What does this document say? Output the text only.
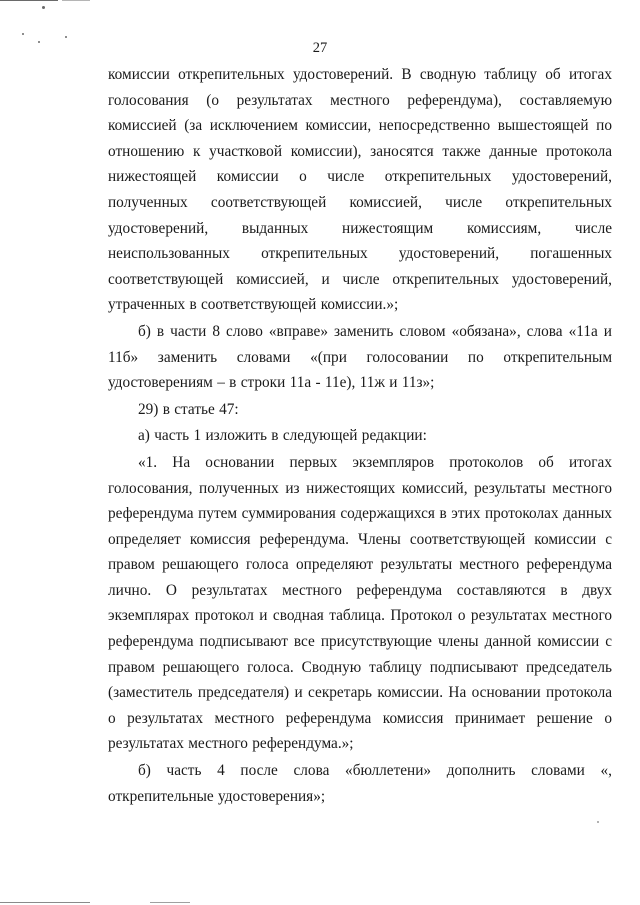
27

комиссии открепительных удостоверений. В сводную таблицу об итогах голосования (о результатах местного референдума), составляемую комиссией (за исключением комиссии, непосредственно вышестоящей по отношению к участковой комиссии), заносятся также данные протокола нижестоящей комиссии о числе открепительных удостоверений, полученных соответствующей комиссией, числе открепительных удостоверений, выданных нижестоящим комиссиям, числе неиспользованных открепительных удостоверений, погашенных соответствующей комиссией, и числе открепительных удостоверений, утраченных в соответствующей комиссии.»;

б) в части 8 слово «вправе» заменить словом «обязана», слова «11а и 11б» заменить словами «(при голосовании по открепительным удостоверениям – в строки 11а - 11е), 11ж и 11з»;

29) в статье 47:

а) часть 1 изложить в следующей редакции:

«1. На основании первых экземпляров протоколов об итогах голосования, полученных из нижестоящих комиссий, результаты местного референдума путем суммирования содержащихся в этих протоколах данных определяет комиссия референдума. Члены соответствующей комиссии с правом решающего голоса определяют результаты местного референдума лично. О результатах местного референдума составляются в двух экземплярах протокол и сводная таблица. Протокол о результатах местного референдума подписывают все присутствующие члены данной комиссии с правом решающего голоса. Сводную таблицу подписывают председатель (заместитель председателя) и секретарь комиссии. На основании протокола о результатах местного референдума комиссия принимает решение о результатах местного референдума.»;

б) часть 4 после слова «бюллетени» дополнить словами «, открепительные удостоверения»;
